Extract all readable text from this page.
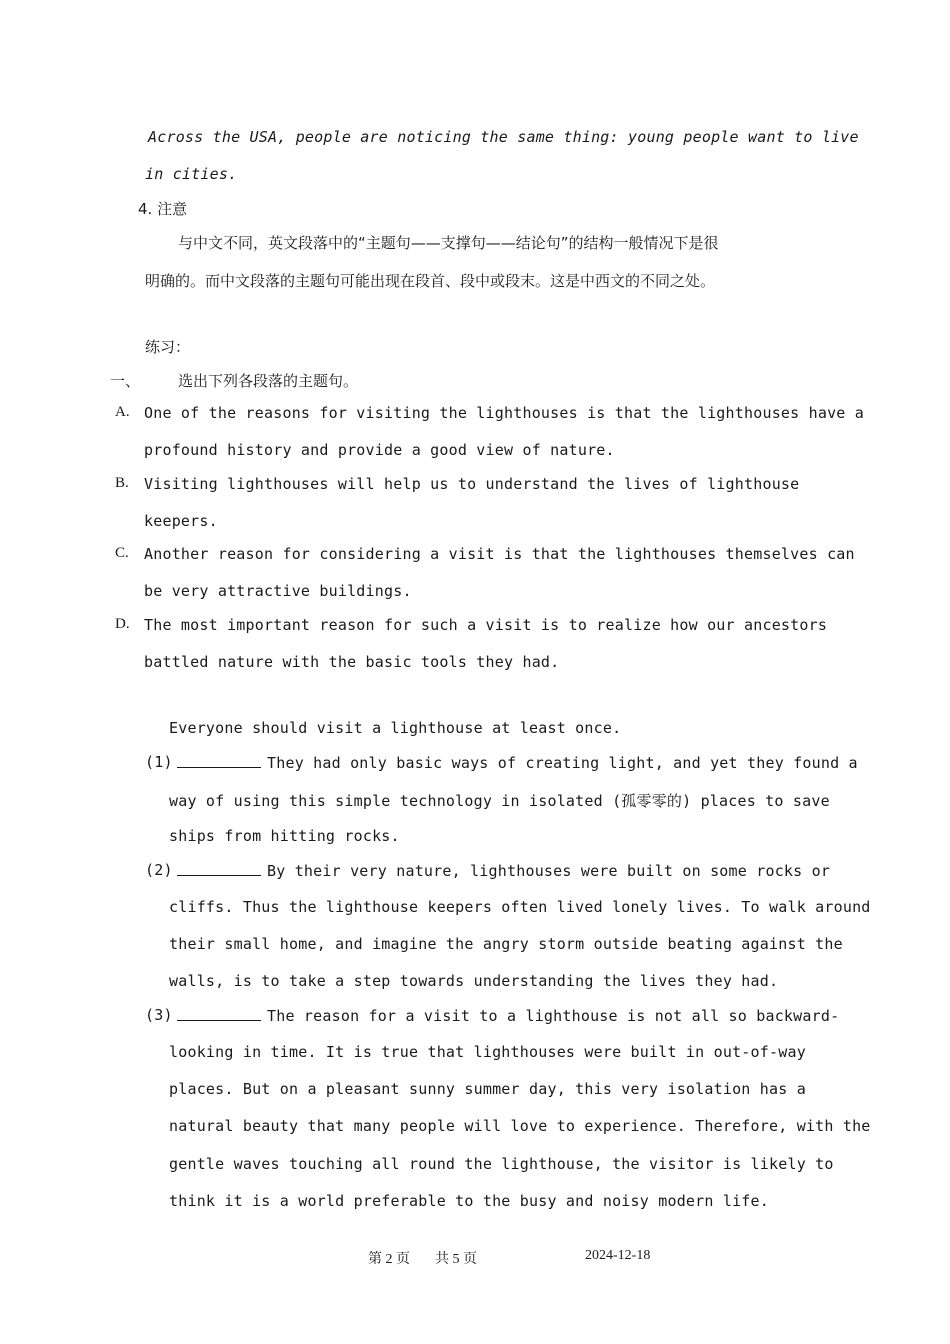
Across the USA, people are noticing the same thing: young people want to live
in cities.
4. 注意
与中文不同，英文段落中的“主题句——支撑句——结论句”的结构一般情况下是很
明确的。而中文段落的主题句可能出现在段首、段中或段末。这是中西文的不同之处。
练习：
一、	选出下列各段落的主题句。
A. One of the reasons for visiting the lighthouses is that the lighthouses have a
profound history and provide a good view of nature.
B. Visiting lighthouses will help us to understand the lives of lighthouse
keepers.
C. Another reason for considering a visit is that the lighthouses themselves can
be very attractive buildings.
D. The most important reason for such a visit is to realize how our ancestors
battled nature with the basic tools they had.
Everyone should visit a lighthouse at least once.
(1)	They had only basic ways of creating light, and yet they found a
way of using this simple technology in isolated (孤零零的) places to save
ships from hitting rocks.
(2)	By their very nature, lighthouses were built on some rocks or
cliffs. Thus the lighthouse keepers often lived lonely lives. To walk around
their small home, and imagine the angry storm outside beating against the
walls, is to take a step towards understanding the lives they had.
(3)	The reason for a visit to a lighthouse is not all so backward-
looking in time. It is true that lighthouses were built in out-of-way
places. But on a pleasant sunny summer day, this very isolation has a
natural beauty that many people will love to experience. Therefore, with the
gentle waves touching all round the lighthouse, the visitor is likely to
think it is a world preferable to the busy and noisy modern life.
第 2 页 共 5 页	2024-12-18
